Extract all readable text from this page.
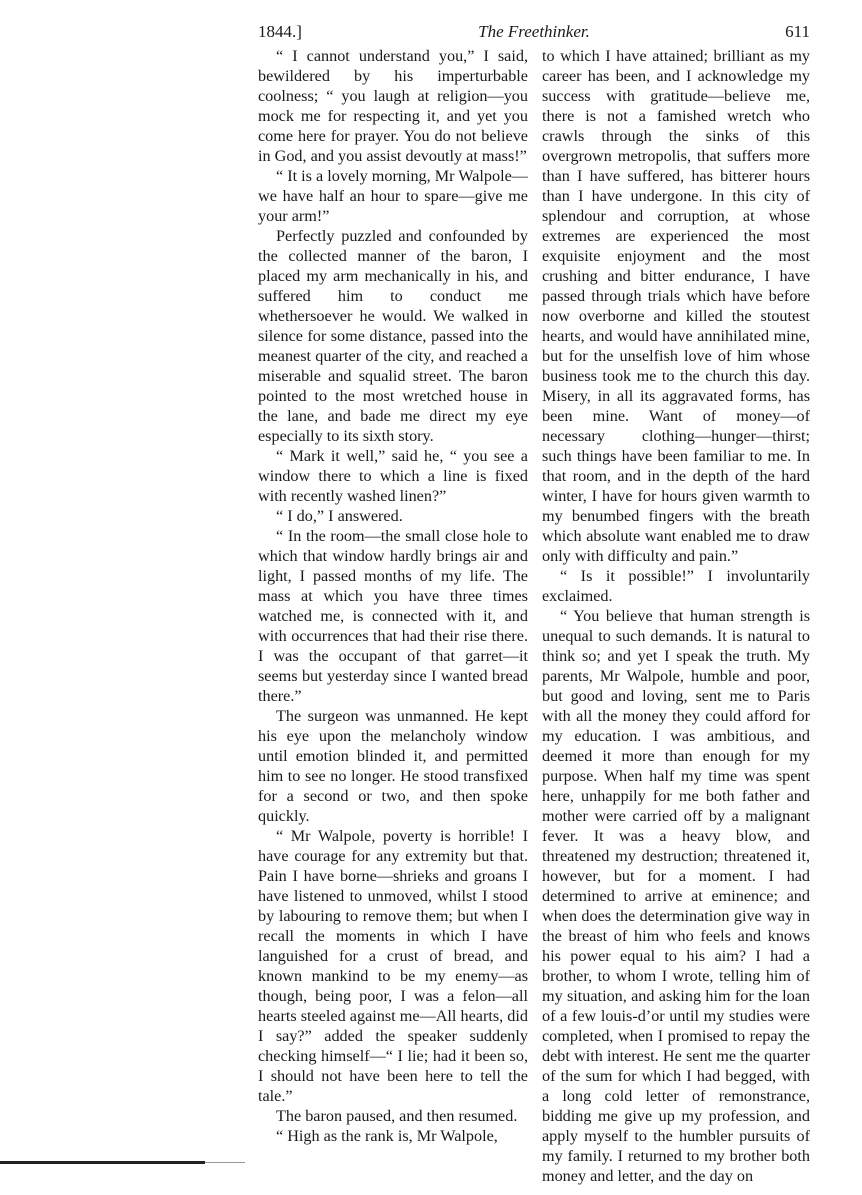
1844.]	The Freethinker.	611

“ I cannot understand you,” I said, bewildered by his imperturbable coolness; “ you laugh at religion—you mock me for respecting it, and yet you come here for prayer. You do not believe in God, and you assist devoutly at mass!”

“ It is a lovely morning, Mr Walpole—we have half an hour to spare—give me your arm!”

Perfectly puzzled and confounded by the collected manner of the baron, I placed my arm mechanically in his, and suffered him to conduct me whethersoever he would. We walked in silence for some distance, passed into the meanest quarter of the city, and reached a miserable and squalid street. The baron pointed to the most wretched house in the lane, and bade me direct my eye especially to its sixth story.

“ Mark it well,” said he, “ you see a window there to which a line is fixed with recently washed linen?”

“ I do,” I answered.

“ In the room—the small close hole to which that window hardly brings air and light, I passed months of my life. The mass at which you have three times watched me, is connected with it, and with occurrences that had their rise there. I was the occupant of that garret—it seems but yesterday since I wanted bread there.”

The surgeon was unmanned. He kept his eye upon the melancholy window until emotion blinded it, and permitted him to see no longer. He stood transfixed for a second or two, and then spoke quickly.

“ Mr Walpole, poverty is horrible! I have courage for any extremity but that. Pain I have borne—shrieks and groans I have listened to unmoved, whilst I stood by labouring to remove them; but when I recall the moments in which I have languished for a crust of bread, and known mankind to be my enemy—as though, being poor, I was a felon—all hearts steeled against me—All hearts, did I say?” added the speaker suddenly checking himself—“ I lie; had it been so, I should not have been here to tell the tale.”

The baron paused, and then resumed.

“ High as the rank is, Mr Walpole,

to which I have attained; brilliant as my career has been, and I acknowledge my success with gratitude—believe me, there is not a famished wretch who crawls through the sinks of this overgrown metropolis, that suffers more than I have suffered, has bitterer hours than I have undergone. In this city of splendour and corruption, at whose extremes are experienced the most exquisite enjoyment and the most crushing and bitter endurance, I have passed through trials which have before now overborne and killed the stoutest hearts, and would have annihilated mine, but for the unselfish love of him whose business took me to the church this day. Misery, in all its aggravated forms, has been mine. Want of money—of necessary clothing—hunger—thirst; such things have been familiar to me. In that room, and in the depth of the hard winter, I have for hours given warmth to my benumbed fingers with the breath which absolute want enabled me to draw only with difficulty and pain.”

“ Is it possible!” I involuntarily exclaimed.

“ You believe that human strength is unequal to such demands. It is natural to think so; and yet I speak the truth. My parents, Mr Walpole, humble and poor, but good and loving, sent me to Paris with all the money they could afford for my education. I was ambitious, and deemed it more than enough for my purpose. When half my time was spent here, unhappily for me both father and mother were carried off by a malignant fever. It was a heavy blow, and threatened my destruction; threatened it, however, but for a moment. I had determined to arrive at eminence; and when does the determination give way in the breast of him who feels and knows his power equal to his aim? I had a brother, to whom I wrote, telling him of my situation, and asking him for the loan of a few louis-d’or until my studies were completed, when I promised to repay the debt with interest. He sent me the quarter of the sum for which I had begged, with a long cold letter of remonstrance, bidding me give up my profession, and apply myself to the humbler pursuits of my family. I returned to my brother both money and letter, and the day on
